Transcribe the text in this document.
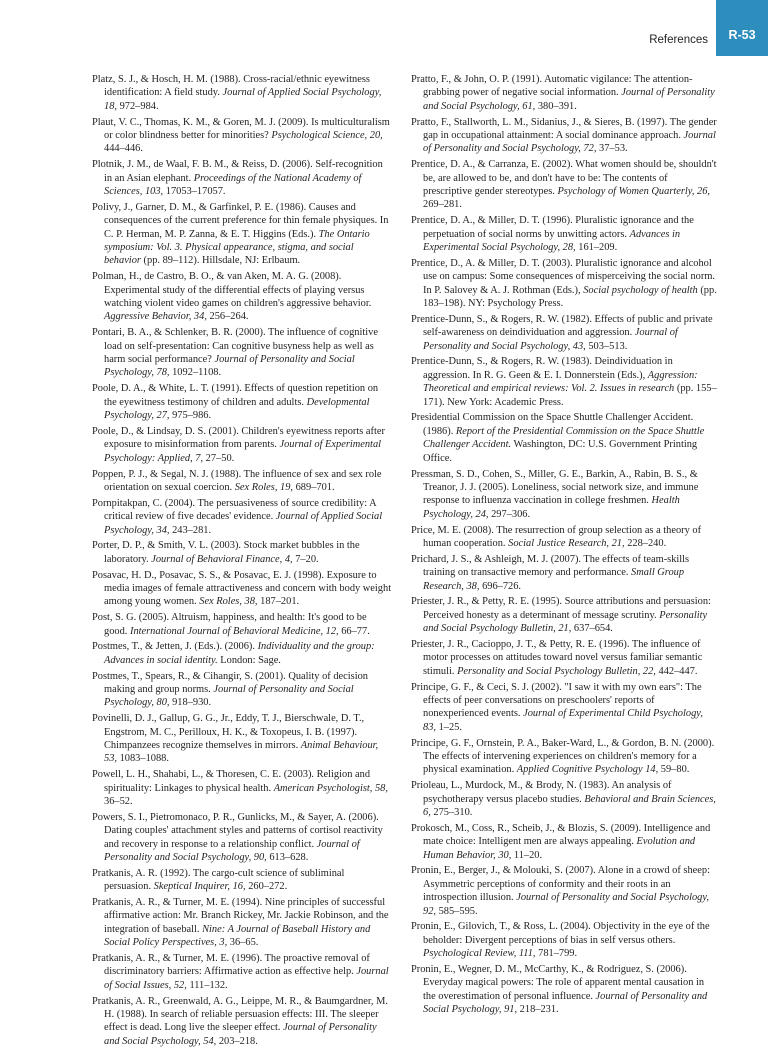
References R-53

Platz, S. J., & Hosch, H. M. (1988). Cross-racial/ethnic eyewitness identification: A field study. Journal of Applied Social Psychology, 18, 972–984.

Plaut, V. C., Thomas, K. M., & Goren, M. J. (2009). Is multiculturalism or color blindness better for minorities? Psychological Science, 20, 444–446.

Plotnik, J. M., de Waal, F. B. M., & Reiss, D. (2006). Self-recognition in an Asian elephant. Proceedings of the National Academy of Sciences, 103, 17053–17057.

Polivy, J., Garner, D. M., & Garfinkel, P. E. (1986). Causes and consequences of the current preference for thin female physiques. In C. P. Herman, M. P. Zanna, & E. T. Higgins (Eds.). The Ontario symposium: Vol. 3. Physical appearance, stigma, and social behavior (pp. 89–112). Hillsdale, NJ: Erlbaum.

Polman, H., de Castro, B. O., & van Aken, M. A. G. (2008). Experimental study of the differential effects of playing versus watching violent video games on children's aggressive behavior. Aggressive Behavior, 34, 256–264.

Pontari, B. A., & Schlenker, B. R. (2000). The influence of cognitive load on self-presentation: Can cognitive busyness help as well as harm social performance? Journal of Personality and Social Psychology, 78, 1092–1108.

Poole, D. A., & White, L. T. (1991). Effects of question repetition on the eyewitness testimony of children and adults. Developmental Psychology, 27, 975–986.

Poole, D., & Lindsay, D. S. (2001). Children's eyewitness reports after exposure to misinformation from parents. Journal of Experimental Psychology: Applied, 7, 27–50.

Poppen, P. J., & Segal, N. J. (1988). The influence of sex and sex role orientation on sexual coercion. Sex Roles, 19, 689–701.

Pornpitakpan, C. (2004). The persuasiveness of source credibility: A critical review of five decades' evidence. Journal of Applied Social Psychology, 34, 243–281.

Porter, D. P., & Smith, V. L. (2003). Stock market bubbles in the laboratory. Journal of Behavioral Finance, 4, 7–20.

Posavac, H. D., Posavac, S. S., & Posavac, E. J. (1998). Exposure to media images of female attractiveness and concern with body weight among young women. Sex Roles, 38, 187–201.

Post, S. G. (2005). Altruism, happiness, and health: It's good to be good. International Journal of Behavioral Medicine, 12, 66–77.

Postmes, T., & Jetten, J. (Eds.). (2006). Individuality and the group: Advances in social identity. London: Sage.

Postmes, T., Spears, R., & Cihangir, S. (2001). Quality of decision making and group norms. Journal of Personality and Social Psychology, 80, 918–930.

Povinelli, D. J., Gallup, G. G., Jr., Eddy, T. J., Bierschwale, D. T., Engstrom, M. C., Perilloux, H. K., & Toxopeus, I. B. (1997). Chimpanzees recognize themselves in mirrors. Animal Behaviour, 53, 1083–1088.

Powell, L. H., Shahabi, L., & Thoresen, C. E. (2003). Religion and spirituality: Linkages to physical health. American Psychologist, 58, 36–52.

Powers, S. I., Pietromonaco, P. R., Gunlicks, M., & Sayer, A. (2006). Dating couples' attachment styles and patterns of cortisol reactivity and recovery in response to a relationship conflict. Journal of Personality and Social Psychology, 90, 613–628.

Pratkanis, A. R. (1992). The cargo-cult science of subliminal persuasion. Skeptical Inquirer, 16, 260–272.

Pratkanis, A. R., & Turner, M. E. (1994). Nine principles of successful affirmative action: Mr. Branch Rickey, Mr. Jackie Robinson, and the integration of baseball. Nine: A Journal of Baseball History and Social Policy Perspectives, 3, 36–65.

Pratkanis, A. R., & Turner, M. E. (1996). The proactive removal of discriminatory barriers: Affirmative action as effective help. Journal of Social Issues, 52, 111–132.

Pratkanis, A. R., Greenwald, A. G., Leippe, M. R., & Baumgardner, M. H. (1988). In search of reliable persuasion effects: III. The sleeper effect is dead. Long live the sleeper effect. Journal of Personality and Social Psychology, 54, 203–218.

Pratto, F., & John, O. P. (1991). Automatic vigilance: The attention-grabbing power of negative social information. Journal of Personality and Social Psychology, 61, 380–391.

Pratto, F., Stallworth, L. M., Sidanius, J., & Sieres, B. (1997). The gender gap in occupational attainment: A social dominance approach. Journal of Personality and Social Psychology, 72, 37–53.

Prentice, D. A., & Carranza, E. (2002). What women should be, shouldn't be, are allowed to be, and don't have to be: The contents of prescriptive gender stereotypes. Psychology of Women Quarterly, 26, 269–281.

Prentice, D. A., & Miller, D. T. (1996). Pluralistic ignorance and the perpetuation of social norms by unwitting actors. Advances in Experimental Social Psychology, 28, 161–209.

Prentice, D., A. & Miller, D. T. (2003). Pluralistic ignorance and alcohol use on campus: Some consequences of misperceiving the social norm. In P. Salovey & A. J. Rothman (Eds.), Social psychology of health (pp. 183–198). NY: Psychology Press.

Prentice-Dunn, S., & Rogers, R. W. (1982). Effects of public and private self-awareness on deindividuation and aggression. Journal of Personality and Social Psychology, 43, 503–513.

Prentice-Dunn, S., & Rogers, R. W. (1983). Deindividuation in aggression. In R. G. Geen & E. I. Donnerstein (Eds.), Aggression: Theoretical and empirical reviews: Vol. 2. Issues in research (pp. 155–171). New York: Academic Press.

Presidential Commission on the Space Shuttle Challenger Accident. (1986). Report of the Presidential Commission on the Space Shuttle Challenger Accident. Washington, DC: U.S. Government Printing Office.

Pressman, S. D., Cohen, S., Miller, G. E., Barkin, A., Rabin, B. S., & Treanor, J. J. (2005). Loneliness, social network size, and immune response to influenza vaccination in college freshmen. Health Psychology, 24, 297–306.

Price, M. E. (2008). The resurrection of group selection as a theory of human cooperation. Social Justice Research, 21, 228–240.

Prichard, J. S., & Ashleigh, M. J. (2007). The effects of team-skills training on transactive memory and performance. Small Group Research, 38, 696–726.

Priester, J. R., & Petty, R. E. (1995). Source attributions and persuasion: Perceived honesty as a determinant of message scrutiny. Personality and Social Psychology Bulletin, 21, 637–654.

Priester, J. R., Cacioppo, J. T., & Petty, R. E. (1996). The influence of motor processes on attitudes toward novel versus familiar semantic stimuli. Personality and Social Psychology Bulletin, 22, 442–447.

Principe, G. F., & Ceci, S. J. (2002). "I saw it with my own ears": The effects of peer conversations on preschoolers' reports of nonexperienced events. Journal of Experimental Child Psychology, 83, 1–25.

Principe, G. F., Ornstein, P. A., Baker-Ward, L., & Gordon, B. N. (2000). The effects of intervening experiences on children's memory for a physical examination. Applied Cognitive Psychology 14, 59–80.

Prioleau, L., Murdock, M., & Brody, N. (1983). An analysis of psychotherapy versus placebo studies. Behavioral and Brain Sciences, 6, 275–310.

Prokosch, M., Coss, R., Scheib, J., & Blozis, S. (2009). Intelligence and mate choice: Intelligent men are always appealing. Evolution and Human Behavior, 30, 11–20.

Pronin, E., Berger, J., & Molouki, S. (2007). Alone in a crowd of sheep: Asymmetric perceptions of conformity and their roots in an introspection illusion. Journal of Personality and Social Psychology, 92, 585–595.

Pronin, E., Gilovich, T., & Ross, L. (2004). Objectivity in the eye of the beholder: Divergent perceptions of bias in self versus others. Psychological Review, 111, 781–799.

Pronin, E., Wegner, D. M., McCarthy, K., & Rodriguez, S. (2006). Everyday magical powers: The role of apparent mental causation in the overestimation of personal influence. Journal of Personality and Social Psychology, 91, 218–231.
